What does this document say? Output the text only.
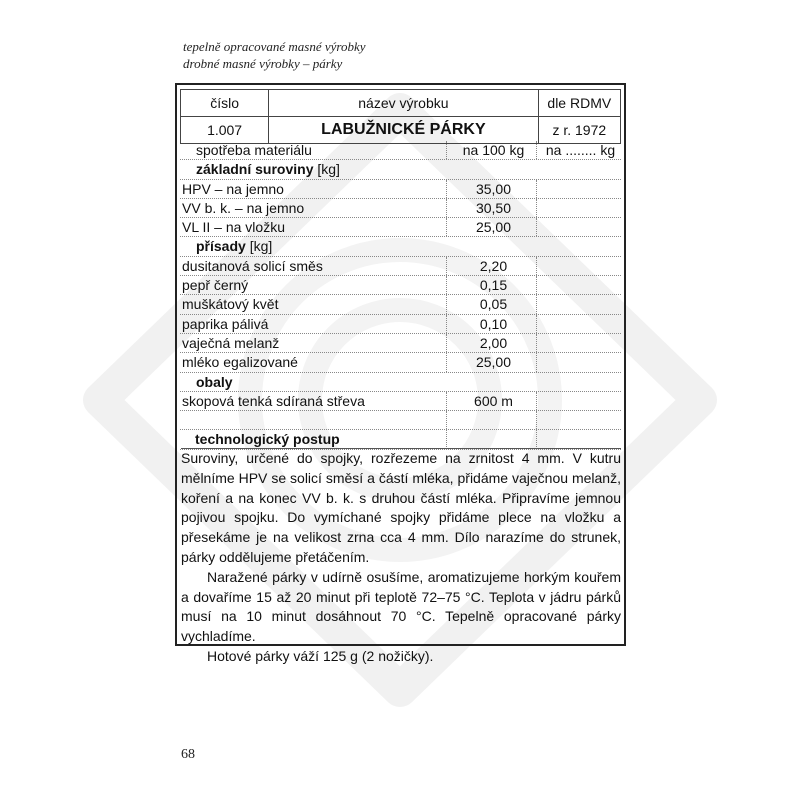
tepelně opracované masné výrobky
drobné masné výrobky – párky
číslo	název výrobku	dle RDMV
1.007	LABUŽNICKÉ PÁRKY	z r. 1972
spotřeba materiálu	na 100 kg	na ........ kg
základní suroviny [kg]
HPV – na jemno	35,00
VV b. k. – na jemno	30,50
VL II – na vložku	25,00
přísady [kg]
dusitanová solicí směs	2,20
pepř černý	0,15
muškátový květ	0,05
paprika pálivá	0,10
vaječná melanž	2,00
mléko egalizované	25,00
obaly
skopová tenká sdíraná střeva	600 m
technologický postup

Suroviny, určené do spojky, rozřezeme na zrnitost 4 mm. V kutru mělníme HPV se solicí směsí a částí mléka, přidáme vaječnou melanž, koření a na konec VV b. k. s druhou částí mléka. Připravíme jemnou pojivou spojku. Do vymíchané spojky přidáme plece na vložku a přesekáme je na velikost zrna cca 4 mm. Dílo narazíme do strunek, párky oddělujeme přetáčením.

Naražené párky v udírně osušíme, aromatizujeme horkým kouřem a dovaříme 15 až 20 minut při teplotě 72–75 °C. Teplota v jádru párků musí na 10 minut dosáhnout 70 °C. Tepelně opracované párky vychladíme.

Hotové párky váží 125 g (2 nožičky).

68
